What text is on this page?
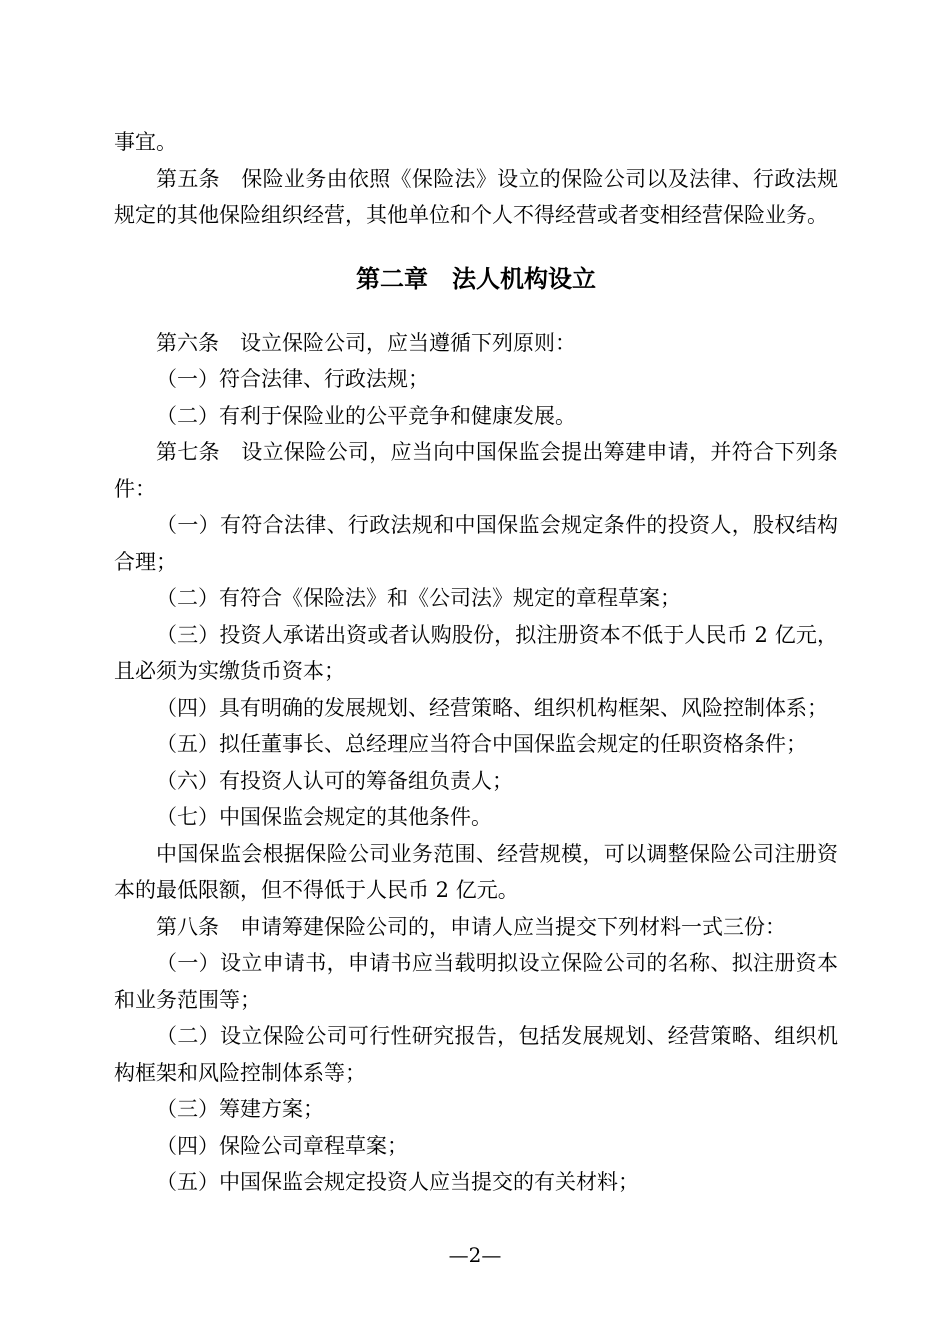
事宜。

第五条　保险业务由依照《保险法》设立的保险公司以及法律、行政法规规定的其他保险组织经营，其他单位和个人不得经营或者变相经营保险业务。

第二章　法人机构设立

第六条　设立保险公司，应当遵循下列原则：

（一）符合法律、行政法规；

（二）有利于保险业的公平竞争和健康发展。

第七条　设立保险公司，应当向中国保监会提出筹建申请，并符合下列条件：

（一）有符合法律、行政法规和中国保监会规定条件的投资人，股权结构合理；

（二）有符合《保险法》和《公司法》规定的章程草案；

（三）投资人承诺出资或者认购股份，拟注册资本不低于人民币 2 亿元，且必须为实缴货币资本；

（四）具有明确的发展规划、经营策略、组织机构框架、风险控制体系；

（五）拟任董事长、总经理应当符合中国保监会规定的任职资格条件；

（六）有投资人认可的筹备组负责人；

（七）中国保监会规定的其他条件。

中国保监会根据保险公司业务范围、经营规模，可以调整保险公司注册资本的最低限额，但不得低于人民币 2 亿元。

第八条　申请筹建保险公司的，申请人应当提交下列材料一式三份：

（一）设立申请书，申请书应当载明拟设立保险公司的名称、拟注册资本和业务范围等；

（二）设立保险公司可行性研究报告，包括发展规划、经营策略、组织机构框架和风险控制体系等；

（三）筹建方案；

（四）保险公司章程草案；

（五）中国保监会规定投资人应当提交的有关材料；

—2—
